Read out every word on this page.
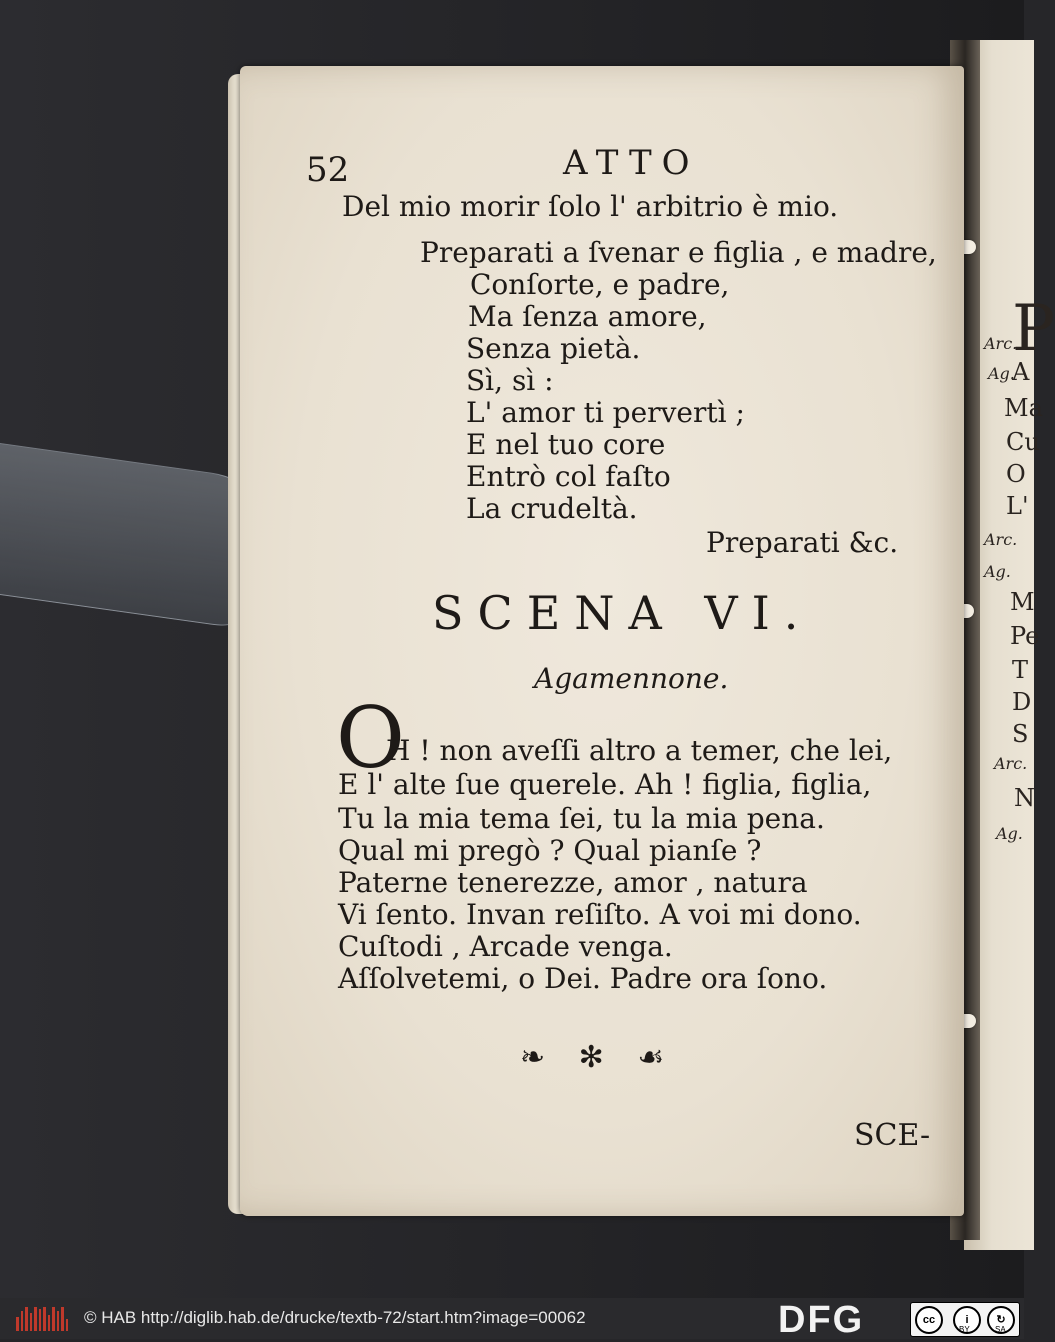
P
Arc.
Ag.
A
Ma
Cu
O
L'
Arc.
Ag.
M
Pe
T
D
S
Arc.
N
Ag.
52	ATTO
Del mio morir ſolo l' arbitrio è mio.
Preparati a ſvenar e figlia , e madre,
Conſorte, e padre,
Ma ſenza amore,
Senza pietà.
Sì, sì :
L' amor ti pervertì ;
E nel tuo core
Entrò col faſto
La crudeltà.
Preparati &c.
SCENA VI.
Agamennone.
O
H ! non aveſſi altro a temer, che lei,
E l' alte ſue querele. Ah ! figlia, figlia,
Tu la mia tema ſei, tu la mia pena.
Qual mi pregò ? Qual pianſe ?
Paterne tenerezze, amor , natura
Vi ſento. Invan reſiſto. A voi mi dono.
Cuſtodi , Arcade venga.
Aſſolvetemi, o Dei. Padre ora ſono.
❧ ✻ ☙
SCE-
© HAB http://diglib.hab.de/drucke/textb-72/start.htm?image=00062	DFG	cc	i	↻
BY	SA
